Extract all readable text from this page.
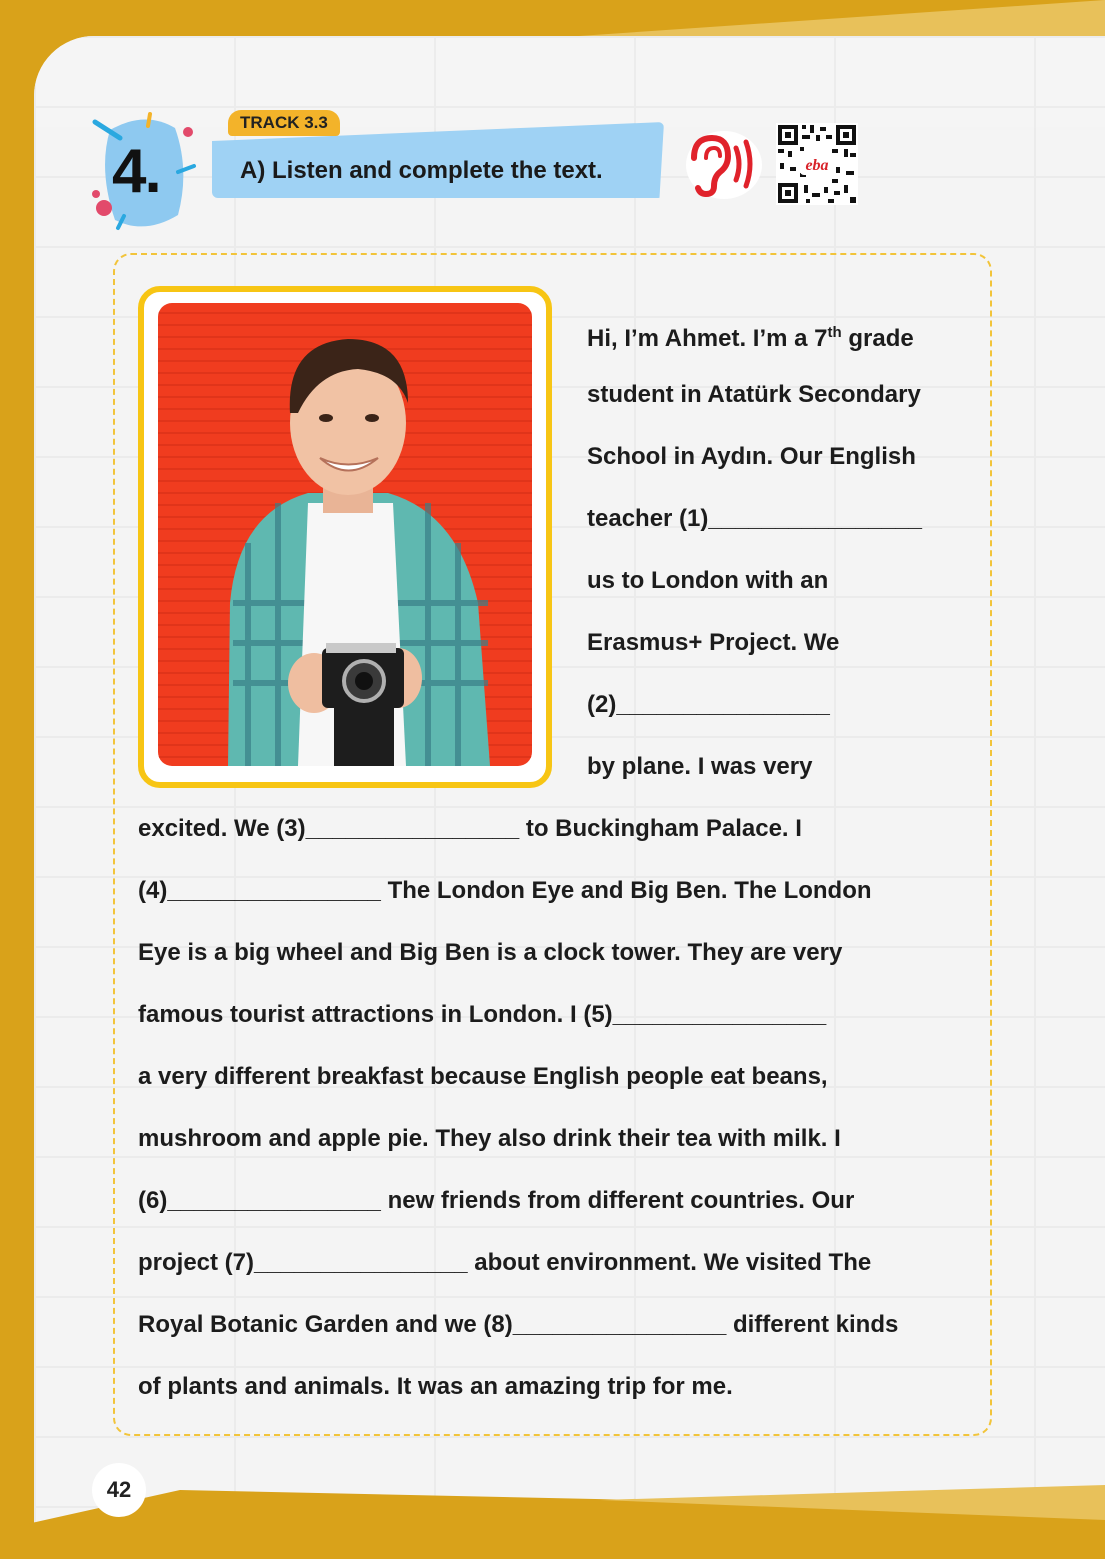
4.
TRACK 3.3
A) Listen and complete the text.	eba
Hi, I’m Ahmet. I’m a 7th grade
student in Atatürk Secondary
School in Aydın. Our English
teacher (1)________________
us to London with an
Erasmus+ Project. We
(2)________________
by plane. I was very
excited. We (3)________________ to Buckingham Palace. I
(4)________________ The London Eye and Big Ben. The London
Eye is a big wheel and Big Ben is a clock tower. They are very
famous tourist attractions in London. I (5)________________
a very different breakfast because English people eat beans,
mushroom and apple pie. They also drink their tea with milk. I
(6)________________ new friends from different countries. Our
project (7)________________ about environment. We visited The
Royal Botanic Garden and we (8)________________ different kinds
of plants and animals. It was an amazing trip for me.
42
